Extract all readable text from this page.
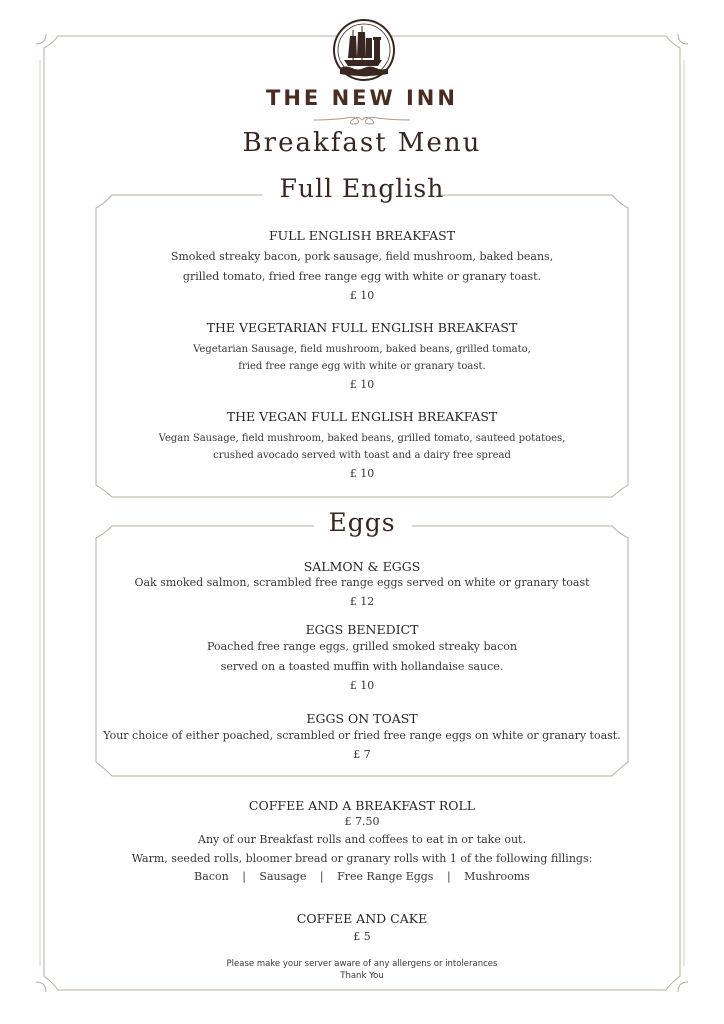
THE NEW INN
Breakfast Menu
Full English
FULL ENGLISH BREAKFAST
Smoked streaky bacon, pork sausage, field mushroom, baked beans,
grilled tomato, fried free range egg with white or granary toast.
£ 10
THE VEGETARIAN FULL ENGLISH BREAKFAST
Vegetarian Sausage, field mushroom, baked beans, grilled tomato,
fried free range egg with white or granary toast.
£ 10
THE VEGAN FULL ENGLISH BREAKFAST
Vegan Sausage, field mushroom, baked beans, grilled tomato, sauteed potatoes,
crushed avocado served with toast and a dairy free spread
£ 10
Eggs
SALMON & EGGS
Oak smoked salmon, scrambled free range eggs served on white or granary toast
£ 12
EGGS BENEDICT
Poached free range eggs, grilled smoked streaky bacon
served on a toasted muffin with hollandaise sauce.
£ 10
EGGS ON TOAST
Your choice of either poached, scrambled or fried free range eggs on white or granary toast.
£ 7
COFFEE AND A BREAKFAST ROLL
£ 7.50
Any of our Breakfast rolls and coffees to eat in or take out.
Warm, seeded rolls, bloomer bread or granary rolls with 1 of the following fillings:
Bacon | Sausage | Free Range Eggs | Mushrooms
COFFEE AND CAKE
£ 5
Please make your server aware of any allergens or intolerances
Thank You
